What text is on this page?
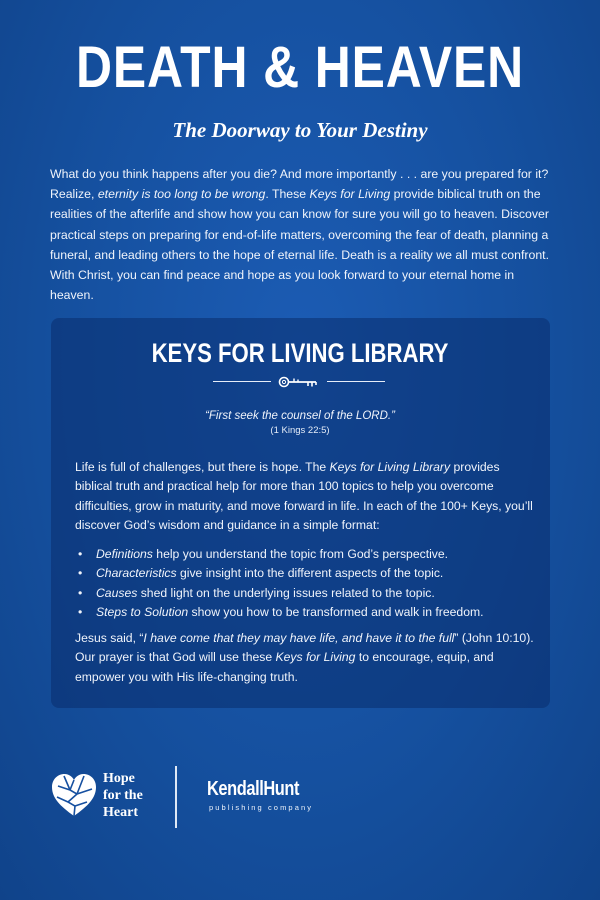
DEATH & HEAVEN
The Doorway to Your Destiny
What do you think happens after you die? And more importantly . . . are you prepared for it? Realize, eternity is too long to be wrong. These Keys for Living provide biblical truth on the realities of the afterlife and show how you can know for sure you will go to heaven. Discover practical steps on preparing for end-of-life matters, overcoming the fear of death, planning a funeral, and leading others to the hope of eternal life. Death is a reality we all must confront. With Christ, you can find peace and hope as you look forward to your eternal home in heaven.
KEYS FOR LIVING LIBRARY
“First seek the counsel of the LORD.”
(1 Kings 22:5)
Life is full of challenges, but there is hope. The Keys for Living Library provides biblical truth and practical help for more than 100 topics to help you overcome difficulties, grow in maturity, and move forward in life. In each of the 100+ Keys, you’ll discover God’s wisdom and guidance in a simple format:
• Definitions help you understand the topic from God’s perspective.
• Characteristics give insight into the different aspects of the topic.
• Causes shed light on the underlying issues related to the topic.
• Steps to Solution show you how to be transformed and walk in freedom.
Jesus said, “I have come that they may have life, and have it to the full” (John 10:10). Our prayer is that God will use these Keys for Living to encourage, equip, and empower you with His life-changing truth.
Hope
for the
Heart
KendallHunt
publishing company
